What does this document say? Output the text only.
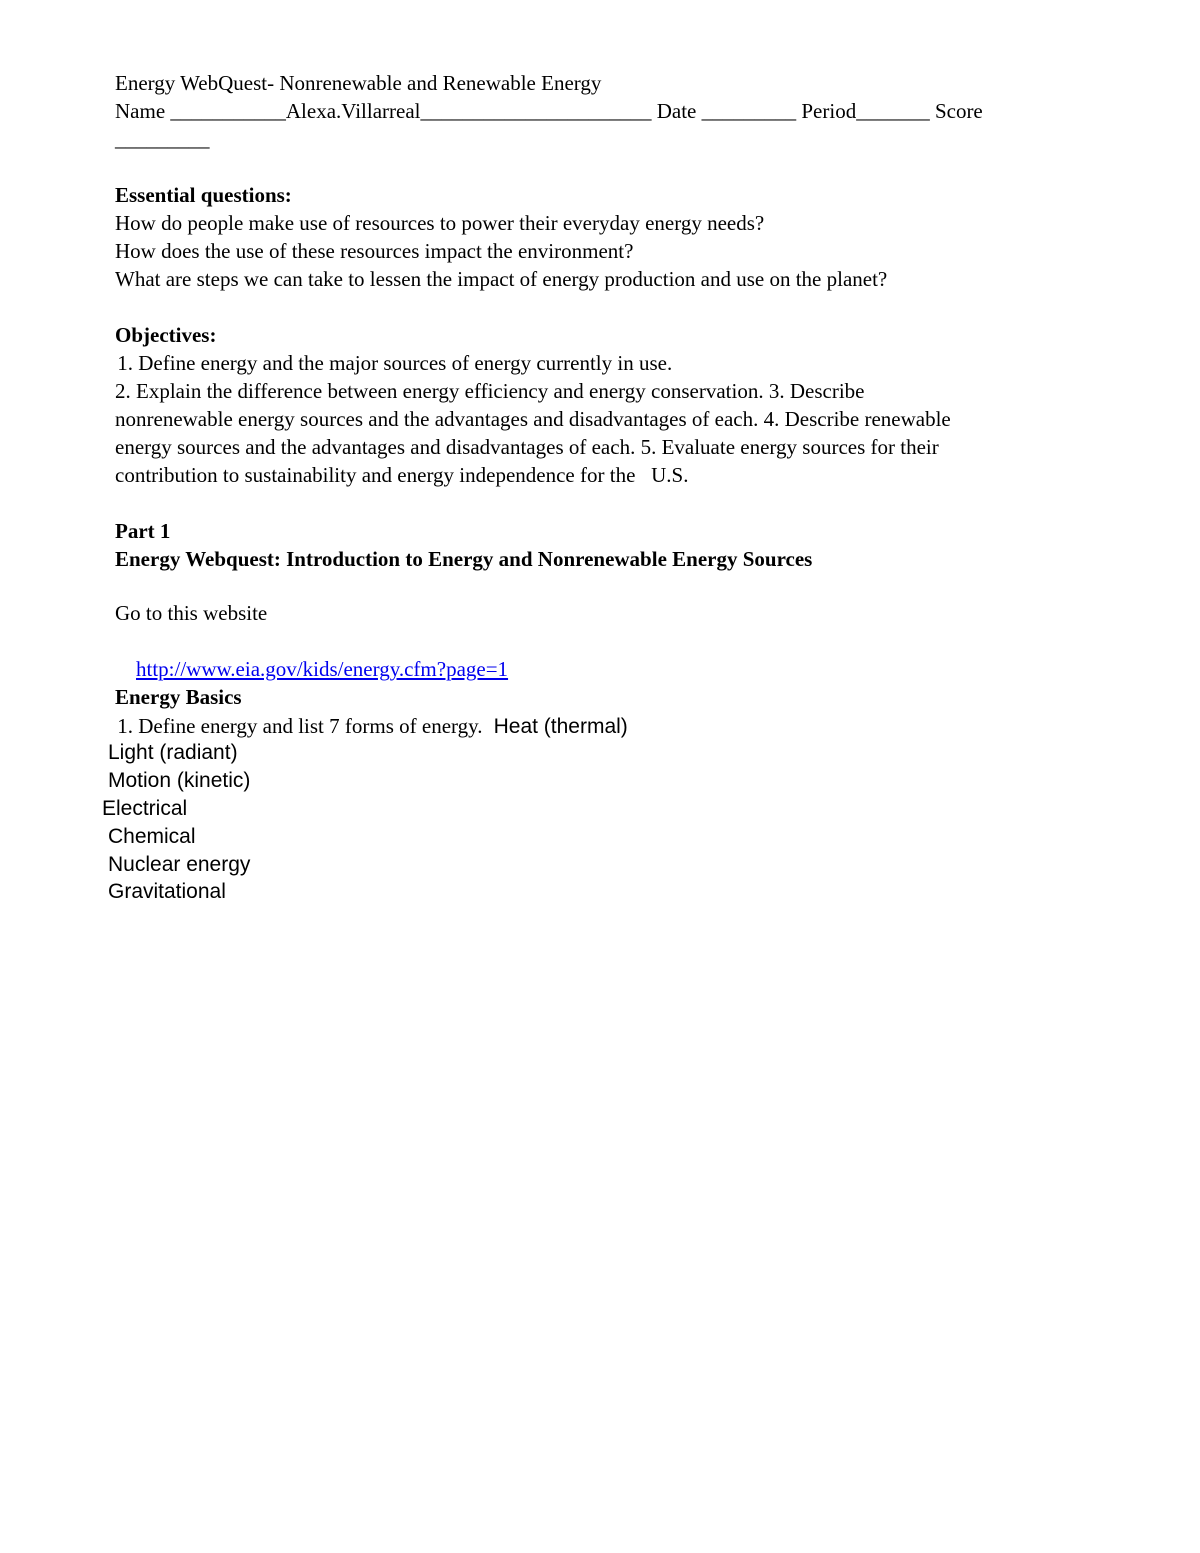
Energy WebQuest- Nonrenewable and Renewable Energy
Name ___________Alexa.Villarreal______________________ Date _________ Period_______ Score
_________
Essential questions:
How do people make use of resources to power their everyday energy needs?
How does the use of these resources impact the environment?
What are steps we can take to lessen the impact of energy production and use on the planet?
Objectives:
1. Define energy and the major sources of energy currently in use.
2. Explain the difference between energy efficiency and energy conservation. 3. Describe
nonrenewable energy sources and the advantages and disadvantages of each. 4. Describe renewable
energy sources and the advantages and disadvantages of each. 5. Evaluate energy sources for their
contribution to sustainability and energy independence for the   U.S.
Part 1
Energy Webquest: Introduction to Energy and Nonrenewable Energy Sources
Go to this website

http://www.eia.gov/kids/energy.cfm?page=1

Energy Basics
1. Define energy and list 7 forms of energy.  Heat (thermal)
Light (radiant)
Motion (kinetic)
Electrical
Chemical
Nuclear energy
Gravitational
